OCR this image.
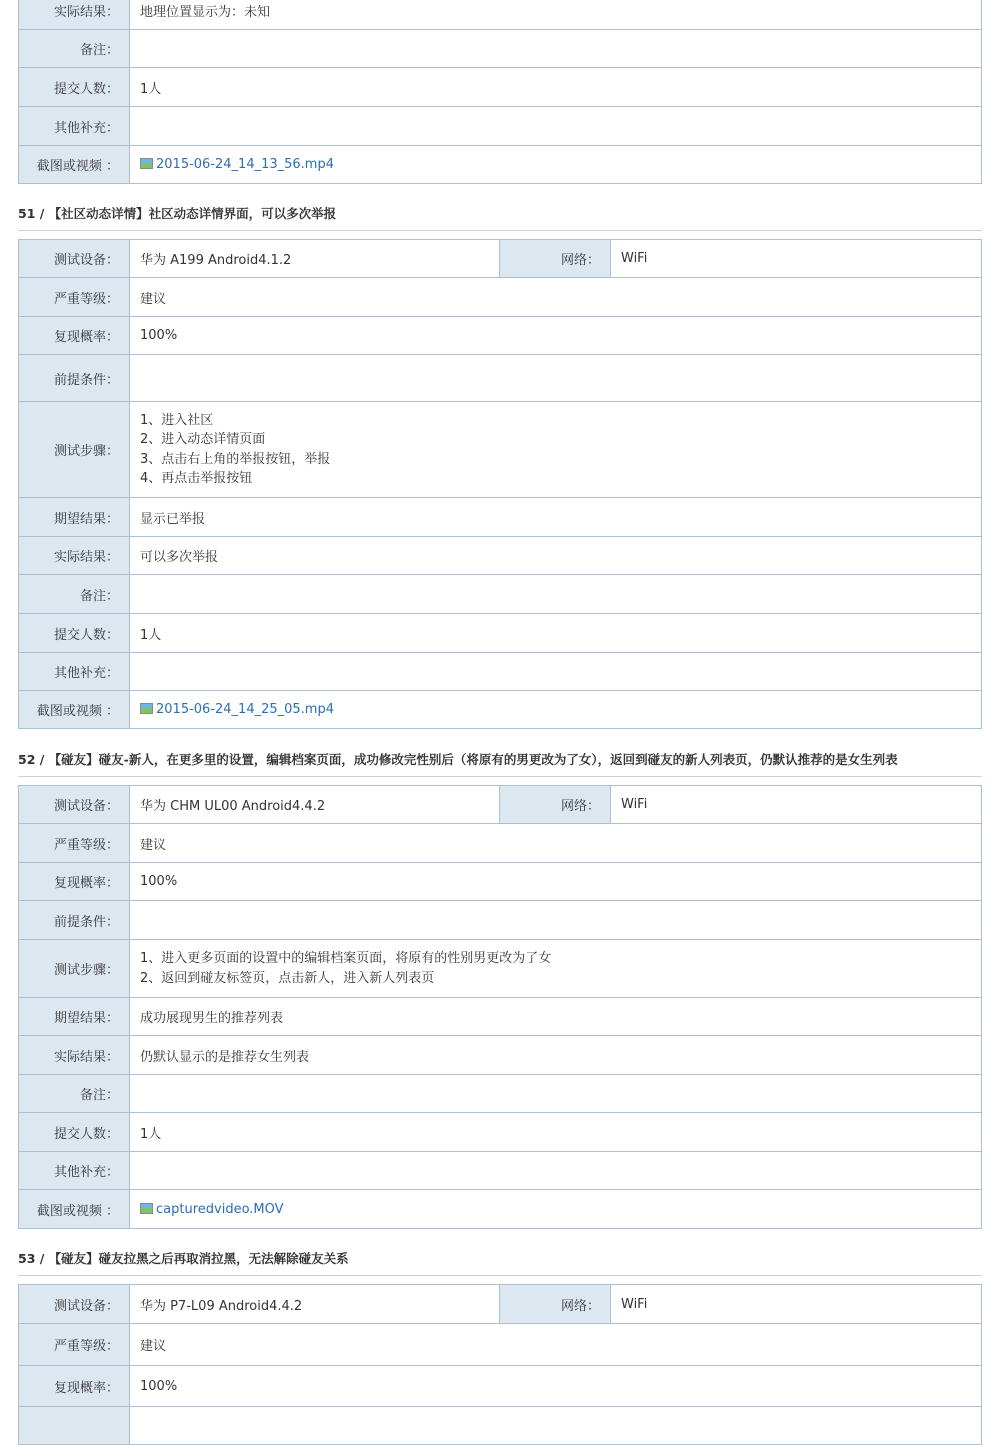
实际结果：	地理位置显示为：未知
备注：	
提交人数：	1人
其他补充：	
截图或视频 ：	2015-06-24_14_13_56.mp4
51 / 【社区动态详情】社区动态详情界面，可以多次举报
测试设备：	华为 A199 Android4.1.2	网络：	WiFi
严重等级：	建议		
复现概率：	100%		
前提条件：			
测试步骤：	1、进入社区
2、进入动态详情页面
3、点击右上角的举报按钮，举报
4、再点击举报按钮		

期望结果：	显示已举报		
实际结果：	可以多次举报		
备注：			
提交人数：	1人		
其他补充：			
截图或视频 ：	2015-06-24_14_25_05.mp4		
52 / 【碰友】碰友-新人，在更多里的设置，编辑档案页面，成功修改完性别后（将原有的男更改为了女），返回到碰友的新人列表页，仍默认推荐的是女生列表
测试设备：	华为 CHM UL00 Android4.4.2	网络：	WiFi
严重等级：	建议		
复现概率：	100%		
前提条件：			
测试步骤：	1、进入更多页面的设置中的编辑档案页面，将原有的性别男更改为了女
2、返回到碰友标签页，点击新人，进入新人列表页		

期望结果：	成功展现男生的推荐列表		
实际结果：	仍默认显示的是推荐女生列表		
备注：			
提交人数：	1人		
其他补充：			
截图或视频 ：	capturedvideo.MOV		
53 / 【碰友】碰友拉黑之后再取消拉黑，无法解除碰友关系
测试设备：	华为 P7-L09 Android4.4.2	网络：	WiFi
严重等级：	建议		
复现概率：	100%		
